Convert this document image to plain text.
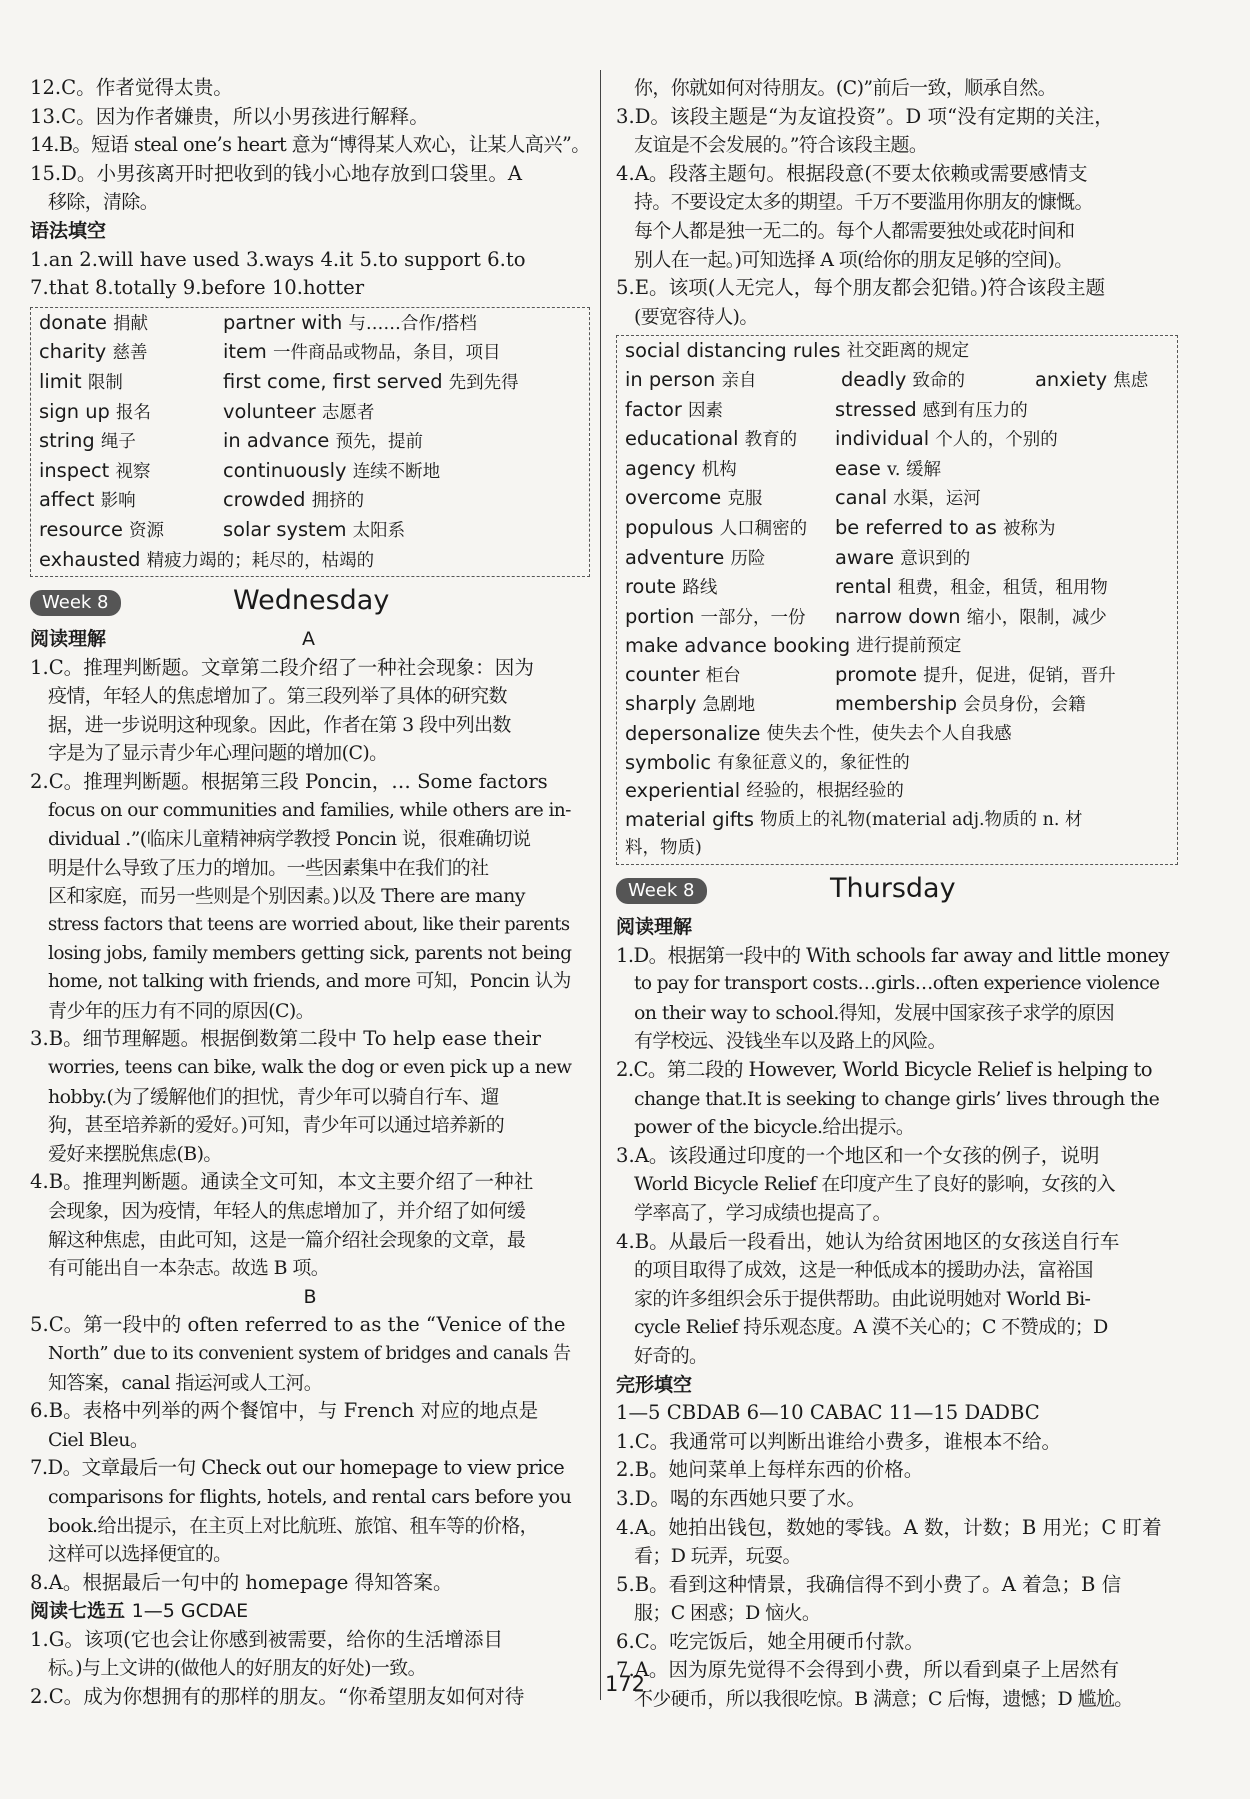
12.C。作者觉得太贵。

13.C。因为作者嫌贵，所以小男孩进行解释。

14.B。短语 steal one’s heart 意为“博得某人欢心，让某人高兴”。

15.D。小男孩离开时把收到的钱小心地存放到口袋里。A

移除，清除。

语法填空

1.an 2.will have used 3.ways 4.it 5.to support 6.to

7.that 8.totally 9.before 10.hotter

donate 捐献	partner with 与……合作/搭档
charity 慈善	item 一件商品或物品，条目，项目
limit 限制	first come, first served 先到先得
sign up 报名	volunteer 志愿者
string 绳子	in advance 预先，提前
inspect 视察	continuously 连续不断地
affect 影响	crowded 拥挤的
resource 资源	solar system 太阳系
exhausted 精疲力竭的；耗尽的，枯竭的
Week 8	Wednesday

阅读理解	A

1.C。推理判断题。文章第二段介绍了一种社会现象：因为

疫情，年轻人的焦虑增加了。第三段列举了具体的研究数

据，进一步说明这种现象。因此，作者在第 3 段中列出数

字是为了显示青少年心理问题的增加(C)。

2.C。推理判断题。根据第三段 Poncin，… Some factors

focus on our communities and families, while others are in-

dividual .”(临床儿童精神病学教授 Poncin 说，很难确切说

明是什么导致了压力的增加。一些因素集中在我们的社

区和家庭，而另一些则是个别因素。)以及 There are many

stress factors that teens are worried about, like their parents

losing jobs, family members getting sick, parents not being

home, not talking with friends, and more 可知，Poncin 认为

青少年的压力有不同的原因(C)。

3.B。细节理解题。根据倒数第二段中 To help ease their

worries, teens can bike, walk the dog or even pick up a new

hobby.(为了缓解他们的担忧，青少年可以骑自行车、遛

狗，甚至培养新的爱好。)可知，青少年可以通过培养新的

爱好来摆脱焦虑(B)。

4.B。推理判断题。通读全文可知，本文主要介绍了一种社

会现象，因为疫情，年轻人的焦虑增加了，并介绍了如何缓

解这种焦虑，由此可知，这是一篇介绍社会现象的文章，最

有可能出自一本杂志。故选 B 项。

B

5.C。第一段中的 often referred to as the “Venice of the

North” due to its convenient system of bridges and canals 告

知答案，canal 指运河或人工河。

6.B。表格中列举的两个餐馆中，与 French 对应的地点是

Ciel Bleu。

7.D。文章最后一句 Check out our homepage to view price

comparisons for flights, hotels, and rental cars before you

book.给出提示，在主页上对比航班、旅馆、租车等的价格，

这样可以选择便宜的。

8.A。根据最后一句中的 homepage 得知答案。

阅读七选五 1—5 GCDAE

1.G。该项(它也会让你感到被需要，给你的生活增添目

标。)与上文讲的(做他人的好朋友的好处)一致。

2.C。成为你想拥有的那样的朋友。“你希望朋友如何对待

你，你就如何对待朋友。(C)”前后一致，顺承自然。

3.D。该段主题是“为友谊投资”。D 项“没有定期的关注，

友谊是不会发展的。”符合该段主题。

4.A。段落主题句。根据段意(不要太依赖或需要感情支

持。不要设定太多的期望。千万不要滥用你朋友的慷慨。

每个人都是独一无二的。每个人都需要独处或花时间和

别人在一起。)可知选择 A 项(给你的朋友足够的空间)。

5.E。该项(人无完人，每个朋友都会犯错。)符合该段主题

(要宽容待人)。

social distancing rules
社交距离的规定
in person 亲自	deadly 致命的	anxiety 焦虑
factor 因素	stressed 感到有压力的
educational 教育的	individual 个人的，个别的
agency 机构	ease v. 缓解
overcome 克服	canal 水渠，运河
populous 人口稠密的	be referred to as 被称为
adventure 历险	aware 意识到的
route 路线	rental 租费，租金，租赁，租用物
portion 一部分，一份	narrow down 缩小，限制，减少
make advance booking
进行提前预定
counter 柜台	promote 提升，促进，促销，晋升
sharply 急剧地	membership 会员身份，会籍
depersonalize
使失去个性，使失去个人自我感
symbolic
有象征意义的，象征性的
experiential
经验的，根据经验的
material gifts
物质上的礼物(material adj.物质的 n. 材
料，物质)
Week 8	Thursday

阅读理解

1.D。根据第一段中的 With schools far away and little money

to pay for transport costs…girls…often experience violence

on their way to school.得知，发展中国家孩子求学的原因

有学校远、没钱坐车以及路上的风险。

2.C。第二段的 However, World Bicycle Relief is helping to

change that.It is seeking to change girls’ lives through the

power of the bicycle.给出提示。

3.A。该段通过印度的一个地区和一个女孩的例子，说明

World Bicycle Relief 在印度产生了良好的影响，女孩的入

学率高了，学习成绩也提高了。

4.B。从最后一段看出，她认为给贫困地区的女孩送自行车

的项目取得了成效，这是一种低成本的援助办法，富裕国

家的许多组织会乐于提供帮助。由此说明她对 World Bi-

cycle Relief 持乐观态度。A 漠不关心的；C 不赞成的；D

好奇的。

完形填空

1—5 CBDAB 6—10 CABAC 11—15 DADBC

1.C。我通常可以判断出谁给小费多，谁根本不给。

2.B。她问菜单上每样东西的价格。

3.D。喝的东西她只要了水。

4.A。她拍出钱包，数她的零钱。A 数，计数；B 用光；C 盯着

看；D 玩弄，玩耍。

5.B。看到这种情景，我确信得不到小费了。A 着急；B 信

服；C 困惑；D 恼火。

6.C。吃完饭后，她全用硬币付款。

7.A。因为原先觉得不会得到小费，所以看到桌子上居然有

不少硬币，所以我很吃惊。B 满意；C 后悔，遗憾；D 尴尬。

172
